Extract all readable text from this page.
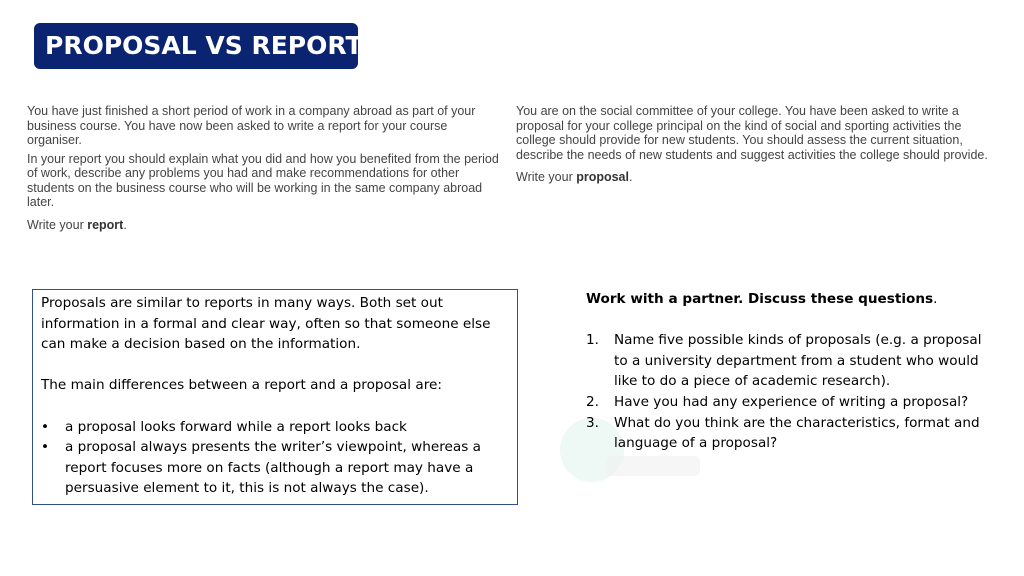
PROPOSAL VS REPORT

You have just finished a short period of work in a company abroad as part of your business course. You have now been asked to write a report for your course organiser.

In your report you should explain what you did and how you benefited from the period of work, describe any problems you had and make recommendations for other students on the business course who will be working in the same company abroad later.

Write your report.

You are on the social committee of your college. You have been asked to write a proposal for your college principal on the kind of social and sporting activities the college should provide for new students. You should assess the current situation, describe the needs of new students and suggest activities the college should provide.

Write your proposal.

Proposals are similar to reports in many ways. Both set out information in a formal and clear way, often so that someone else can make a decision based on the information.

The main differences between a report and a proposal are:

• a proposal looks forward while a report looks back
• a proposal always presents the writer’s viewpoint, whereas a report focuses more on facts (although a report may have a persuasive element to it, this is not always the case).

Work with a partner. Discuss these questions.

1. Name five possible kinds of proposals (e.g. a proposal to a university department from a student who would like to do a piece of academic research).
2. Have you had any experience of writing a proposal?
3. What do you think are the characteristics, format and language of a proposal?
